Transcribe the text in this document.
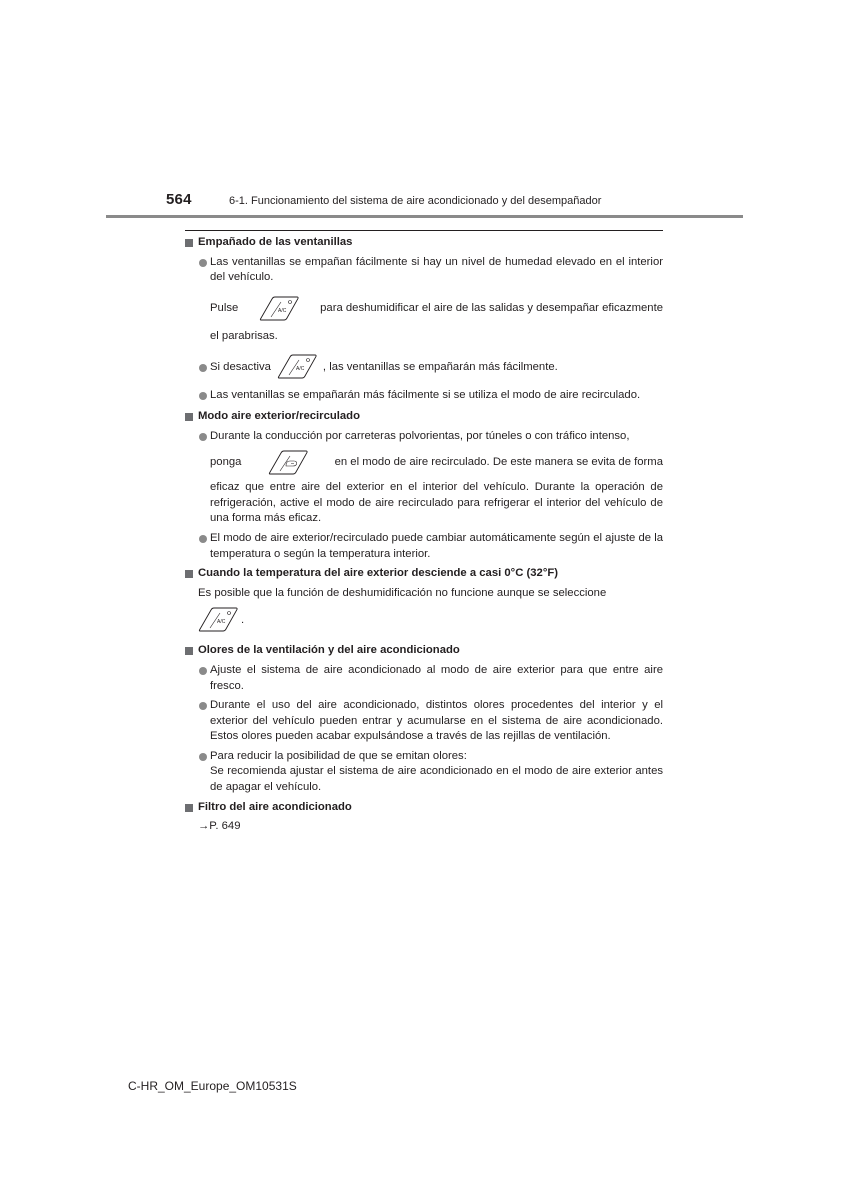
564	6-1. Funcionamiento del sistema de aire acondicionado y del desempañador
Empañado de las ventanillas
Las ventanillas se empañan fácilmente si hay un nivel de humedad elevado en el interior del vehículo.
Pulse	A/C	para deshumidificar el aire de las salidas y desempañar eficazmente
el parabrisas.
Si desactiva	A/C , las ventanillas se empañarán más fácilmente.
Las ventanillas se empañarán más fácilmente si se utiliza el modo de aire recirculado.
Modo aire exterior/recirculado
Durante la conducción por carreteras polvorientas, por túneles o con tráfico intenso,
ponga	en el modo de aire recirculado. De este manera se evita de forma
eficaz que entre aire del exterior en el interior del vehículo. Durante la operación de refrigeración, active el modo de aire recirculado para refrigerar el interior del vehículo de una forma más eficaz.
El modo de aire exterior/recirculado puede cambiar automáticamente según el ajuste de la temperatura o según la temperatura interior.
Cuando la temperatura del aire exterior desciende a casi 0°C (32°F)
Es posible que la función de deshumidificación no funcione aunque se seleccione
A/C .
Olores de la ventilación y del aire acondicionado
Ajuste el sistema de aire acondicionado al modo de aire exterior para que entre aire fresco.
Durante el uso del aire acondicionado, distintos olores procedentes del interior y el exterior del vehículo pueden entrar y acumularse en el sistema de aire acondicionado. Estos olores pueden acabar expulsándose a través de las rejillas de ventilación.
Para reducir la posibilidad de que se emitan olores:
Se recomienda ajustar el sistema de aire acondicionado en el modo de aire exterior antes de apagar el vehículo.
Filtro del aire acondicionado
→P. 649
C-HR_OM_Europe_OM10531S
